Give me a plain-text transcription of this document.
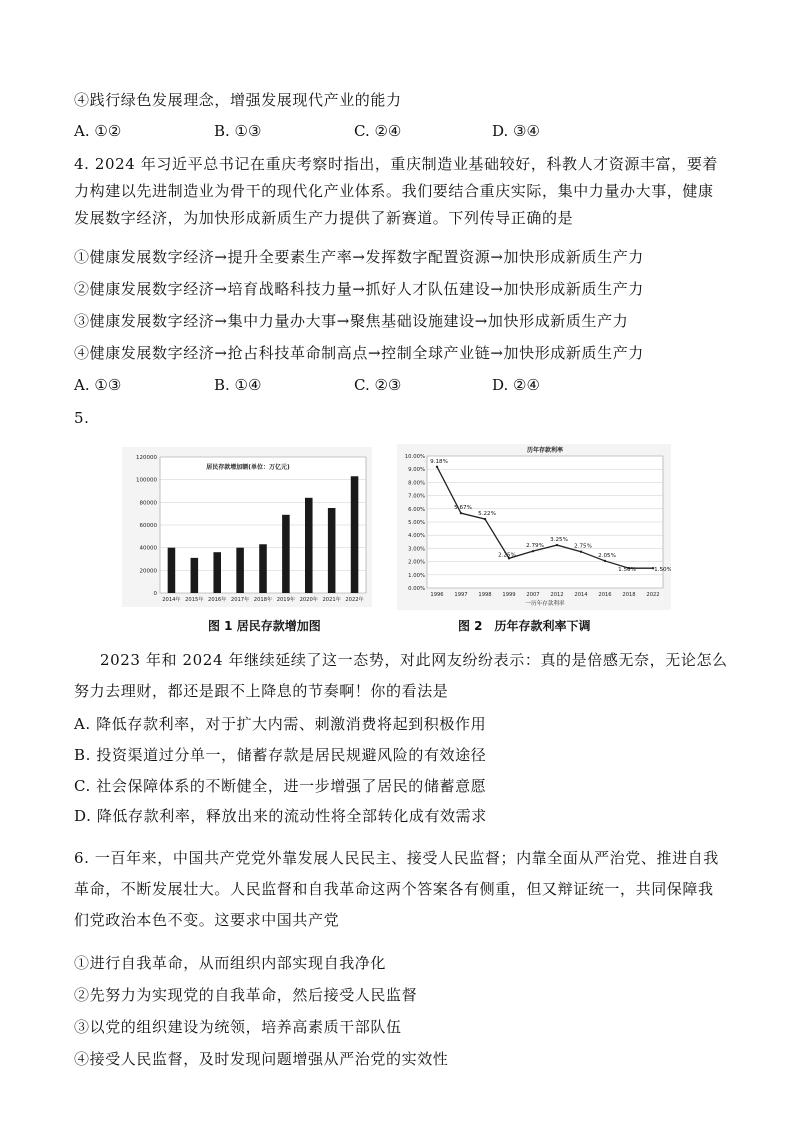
④践行绿色发展理念，增强发展现代产业的能力
A. ①②	B. ①③	C. ②④	D. ③④
4. 2024 年习近平总书记在重庆考察时指出，重庆制造业基础较好，科教人才资源丰富，要着
力构建以先进制造业为骨干的现代化产业体系。我们要结合重庆实际，集中力量办大事，健康
发展数字经济，为加快形成新质生产力提供了新赛道。下列传导正确的是
①健康发展数字经济→提升全要素生产率→发挥数字配置资源→加快形成新质生产力
②健康发展数字经济→培育战略科技力量→抓好人才队伍建设→加快形成新质生产力
③健康发展数字经济→集中力量办大事→聚焦基础设施建设→加快形成新质生产力
④健康发展数字经济→抢占科技革命制高点→控制全球产业链→加快形成新质生产力
A. ①③	B. ①④	C. ②③	D. ②④
5.
0
20000
40000
60000
80000
100000
120000
居民存款增加额(单位：万亿元)
2014年 2015年 2016年 2017年 2018年 2019年 2020年 2021年 2022年
0.00%
1.00%
2.00%
3.00%
4.00%
5.00%
6.00%
7.00%
8.00%
9.00%
10.00%
历年存款利率
9.18%
1996
5.67%
1997
5.22%
1998
2.25%
1999
2.79%
2007
3.25%
2012
2.75%
2014
2.05%
2016
1.50%
2018
1.50%
2022
一历年存款利率
图 1 居民存款增加图	图 2　历年存款利率下调
2023 年和 2024 年继续延续了这一态势，对此网友纷纷表示：真的是倍感无奈，无论怎么
努力去理财，都还是跟不上降息的节奏啊！你的看法是
A. 降低存款利率，对于扩大内需、刺激消费将起到积极作用
B. 投资渠道过分单一，储蓄存款是居民规避风险的有效途径
C. 社会保障体系的不断健全，进一步增强了居民的储蓄意愿
D. 降低存款利率，释放出来的流动性将全部转化成有效需求
6. 一百年来，中国共产党党外靠发展人民民主、接受人民监督；内靠全面从严治党、推进自我
革命，不断发展壮大。人民监督和自我革命这两个答案各有侧重，但又辩证统一，共同保障我
们党政治本色不变。这要求中国共产党
①进行自我革命，从而组织内部实现自我净化
②先努力为实现党的自我革命，然后接受人民监督
③以党的组织建设为统领，培养高素质干部队伍
④接受人民监督，及时发现问题增强从严治党的实效性
